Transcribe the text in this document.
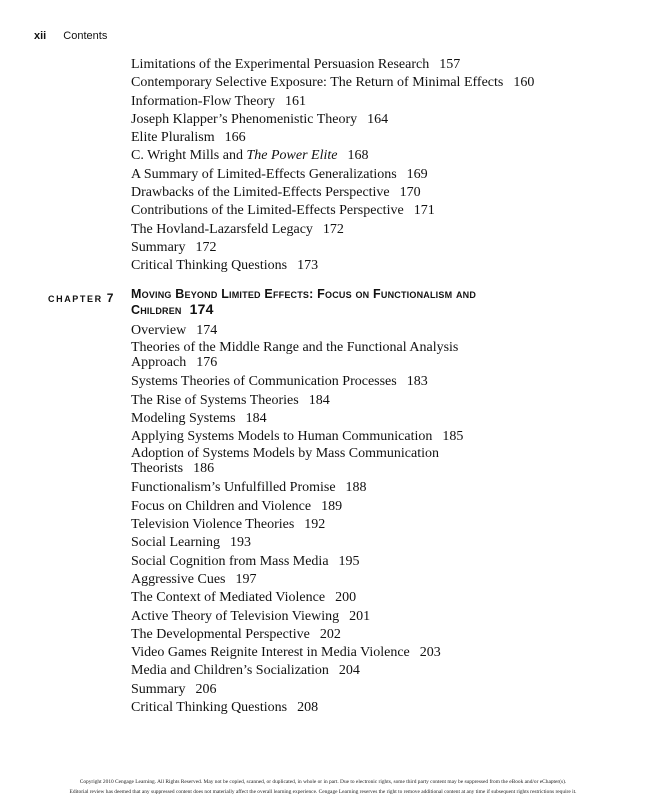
xii Contents
Limitations of the Experimental Persuasion Research 157
Contemporary Selective Exposure: The Return of Minimal Effects 160
Information-Flow Theory 161
Joseph Klapper’s Phenomenistic Theory 164
Elite Pluralism 166
C. Wright Mills and The Power Elite 168
A Summary of Limited-Effects Generalizations 169
Drawbacks of the Limited-Effects Perspective 170
Contributions of the Limited-Effects Perspective 171
The Hovland-Lazarsfeld Legacy 172
Summary 172
Critical Thinking Questions 173
CHAPTER 7 Moving Beyond Limited Effects: Focus on Functionalism and Children 174
Overview 174
Theories of the Middle Range and the Functional Analysis Approach 176
Systems Theories of Communication Processes 183
The Rise of Systems Theories 184
Modeling Systems 184
Applying Systems Models to Human Communication 185
Adoption of Systems Models by Mass Communication Theorists 186
Functionalism’s Unfulfilled Promise 188
Focus on Children and Violence 189
Television Violence Theories 192
Social Learning 193
Social Cognition from Mass Media 195
Aggressive Cues 197
The Context of Mediated Violence 200
Active Theory of Television Viewing 201
The Developmental Perspective 202
Video Games Reignite Interest in Media Violence 203
Media and Children’s Socialization 204
Summary 206
Critical Thinking Questions 208
Copyright 2010 Cengage Learning. All Rights Reserved. May not be copied, scanned, or duplicated, in whole or in part. Due to electronic rights, some third party content may be suppressed from the eBook and/or eChapter(s).
Editorial review has deemed that any suppressed content does not materially affect the overall learning experience. Cengage Learning reserves the right to remove additional content at any time if subsequent rights restrictions require it.
